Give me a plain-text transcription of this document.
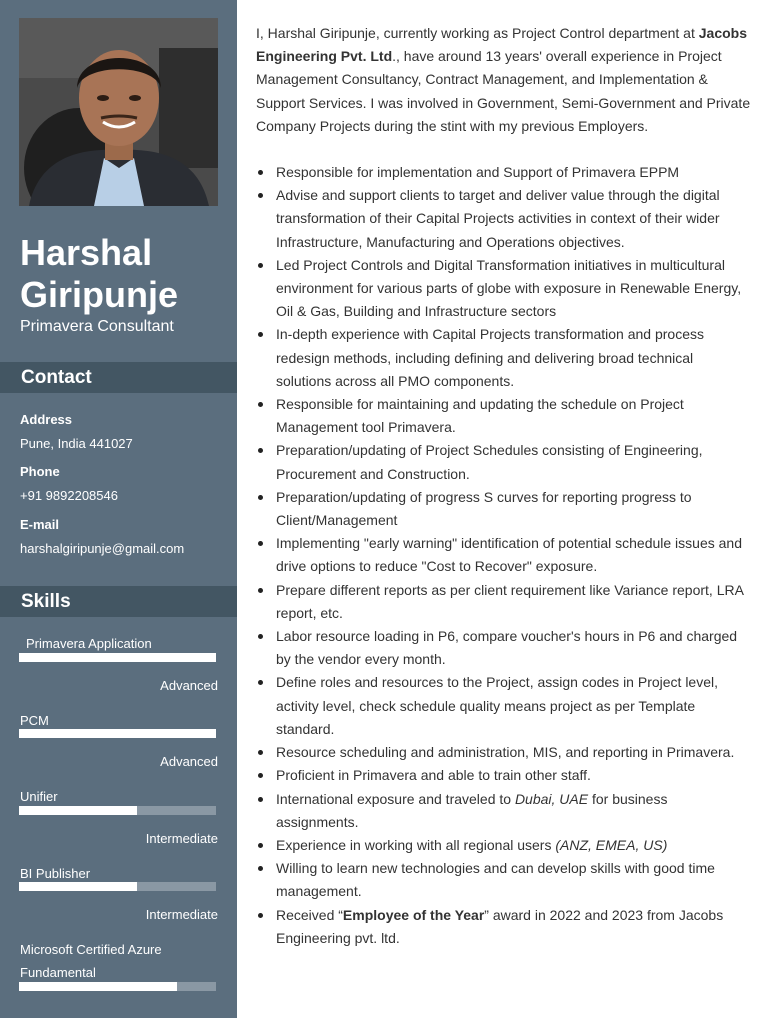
Harshal Giripunje
Primavera Consultant
Contact
Address
Pune, India 441027
Phone
+91 9892208546
E-mail
harshalgiripunje@gmail.com
Skills
Primavera Application
Advanced
PCM
Advanced
Unifier
Intermediate
BI Publisher
Intermediate
Microsoft Certified Azure Fundamental

I, Harshal Giripunje, currently working as Project Control department at Jacobs Engineering Pvt. Ltd., have around 13 years' overall experience in Project Management Consultancy, Contract Management, and Implementation & Support Services. I was involved in Government, Semi-Government and Private Company Projects during the stint with my previous Employers.

Responsible for implementation and Support of Primavera EPPM
Advise and support clients to target and deliver value through the digital transformation of their Capital Projects activities in context of their wider Infrastructure, Manufacturing and Operations objectives.
Led Project Controls and Digital Transformation initiatives in multicultural environment for various parts of globe with exposure in Renewable Energy, Oil & Gas, Building and Infrastructure sectors
In-depth experience with Capital Projects transformation and process redesign methods, including defining and delivering broad technical solutions across all PMO components.
Responsible for maintaining and updating the schedule on Project Management tool Primavera.
Preparation/updating of Project Schedules consisting of Engineering, Procurement and Construction.
Preparation/updating of progress S curves for reporting progress to Client/Management
Implementing "early warning" identification of potential schedule issues and drive options to reduce "Cost to Recover" exposure.
Prepare different reports as per client requirement like Variance report, LRA report, etc.
Labor resource loading in P6, compare voucher's hours in P6 and charged by the vendor every month.
Define roles and resources to the Project, assign codes in Project level, activity level, check schedule quality means project as per Template standard.
Resource scheduling and administration, MIS, and reporting in Primavera.
Proficient in Primavera and able to train other staff.
International exposure and traveled to Dubai, UAE for business assignments.
Experience in working with all regional users (ANZ, EMEA, US)
Willing to learn new technologies and can develop skills with good time management.
Received “Employee of the Year” award in 2022 and 2023 from Jacobs Engineering pvt. ltd.
